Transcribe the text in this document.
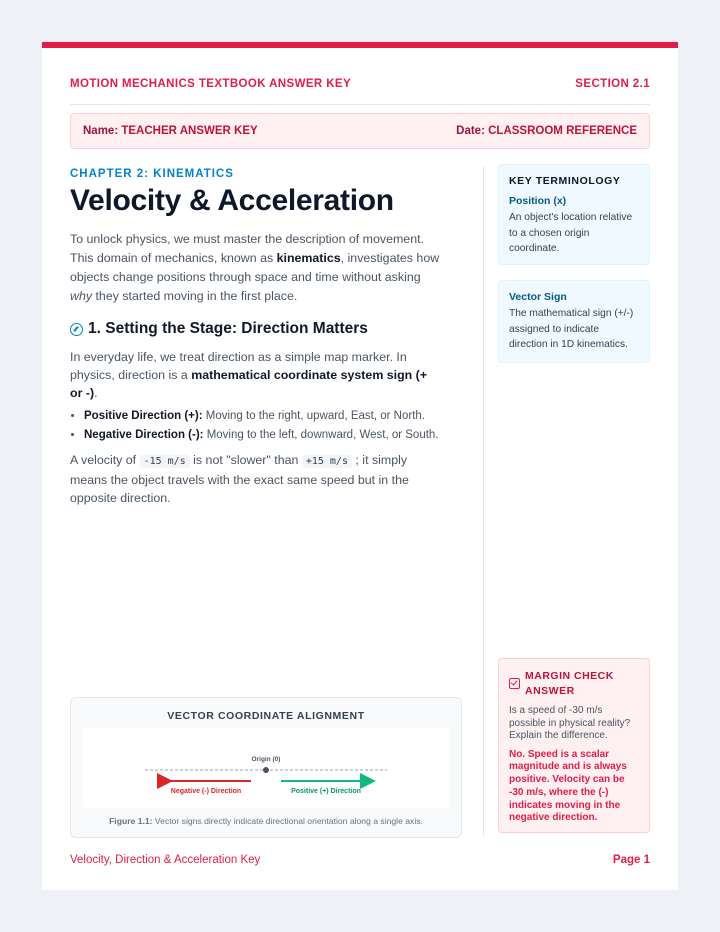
MOTION MECHANICS TEXTBOOK ANSWER KEY	SECTION 2.1
Name: TEACHER ANSWER KEY	Date: CLASSROOM REFERENCE
CHAPTER 2: KINEMATICS
Velocity & Acceleration

To unlock physics, we must master the description of movement. This domain of mechanics, known as kinematics, investigates how objects change positions through space and time without asking why they started moving in the first place.

1. Setting the Stage: Direction Matters

In everyday life, we treat direction as a simple map marker. In physics, direction is a mathematical coordinate system sign (+ or -).

• Positive Direction (+): Moving to the right, upward, East, or North.
• Negative Direction (-): Moving to the left, downward, West, or South.

A velocity of -15 m/s is not "slower" than +15 m/s ; it simply means the object travels with the exact same speed but in the opposite direction.

KEY TERMINOLOGY
Position (x)
An object's location relative to a chosen origin coordinate.
Vector Sign
The mathematical sign (+/-) assigned to indicate direction in 1D kinematics.
MARGIN CHECK ANSWER
Is a speed of -30 m/s possible in physical reality? Explain the difference.
No. Speed is a scalar magnitude and is always positive. Velocity can be -30 m/s, where the (-) indicates moving in the negative direction.
VECTOR COORDINATE ALIGNMENT
Origin (0)
Negative (-) Direction	Positive (+) Direction
Figure 1.1: Vector signs directly indicate directional orientation along a single axis.
Velocity, Direction & Acceleration Key	Page 1
